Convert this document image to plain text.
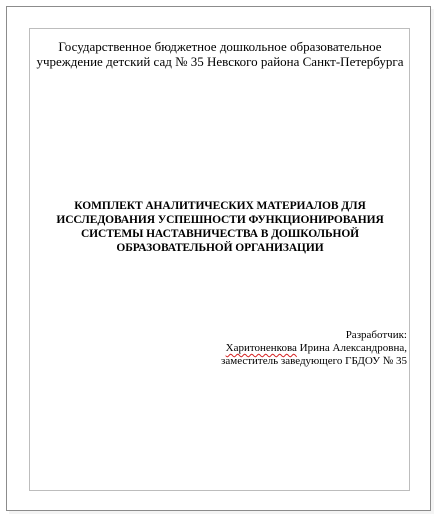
Государственное бюджетное дошкольное образовательное
учреждение детский сад № 35 Невского района Санкт-Петербурга
КОМПЛЕКТ АНАЛИТИЧЕСКИХ МАТЕРИАЛОВ ДЛЯ
ИССЛЕДОВАНИЯ УСПЕШНОСТИ ФУНКЦИОНИРОВАНИЯ
СИСТЕМЫ НАСТАВНИЧЕСТВА В ДОШКОЛЬНОЙ
ОБРАЗОВАТЕЛЬНОЙ ОРГАНИЗАЦИИ
Разработчик:
Харитоненкова Ирина Александровна,
заместитель заведующего ГБДОУ № 35
